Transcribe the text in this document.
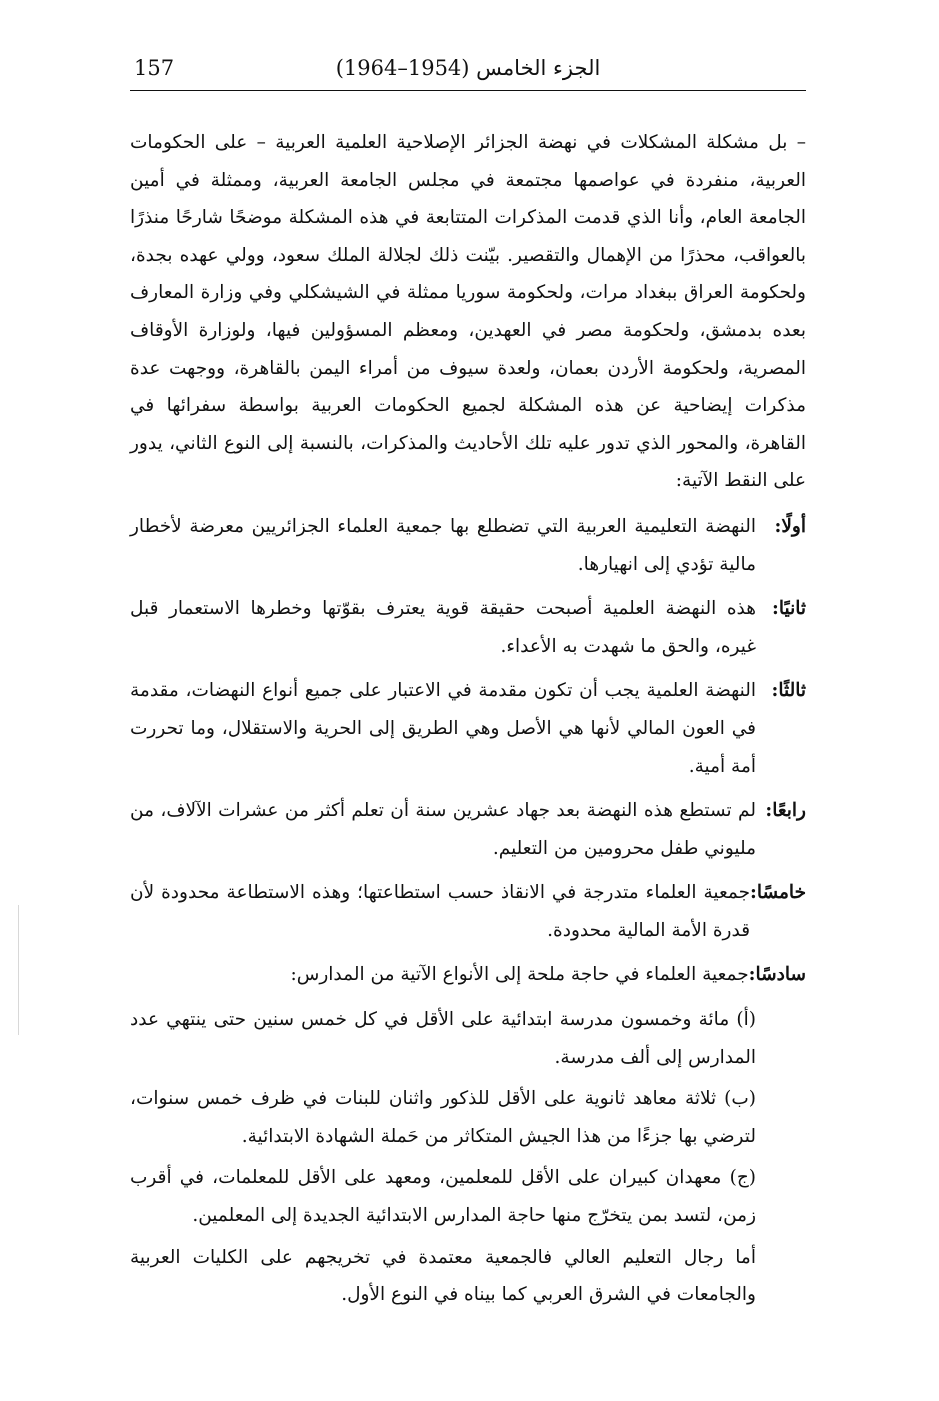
157	الجزء الخامس (1954–1964)

– بل مشكلة المشكلات في نهضة الجزائر الإصلاحية العلمية العربية – على الحكومات العربية، منفردة في عواصمها مجتمعة في مجلس الجامعة العربية، وممثلة في أمين الجامعة العام، وأنا الذي قدمت المذكرات المتتابعة في هذه المشكلة موضحًا شارحًا منذرًا بالعواقب، محذرًا من الإهمال والتقصير. بيّنت ذلك لجلالة الملك سعود، وولي عهده بجدة، ولحكومة العراق ببغداد مرات، ولحكومة سوريا ممثلة في الشيشكلي وفي وزارة المعارف بعده بدمشق، ولحكومة مصر في العهدين، ومعظم المسؤولين فيها، ولوزارة الأوقاف المصرية، ولحكومة الأردن بعمان، ولعدة سيوف من أمراء اليمن بالقاهرة، ووجهت عدة مذكرات إيضاحية عن هذه المشكلة لجميع الحكومات العربية بواسطة سفرائها في القاهرة، والمحور الذي تدور عليه تلك الأحاديث والمذكرات، بالنسبة إلى النوع الثاني، يدور على النقط الآتية:

أولًا:
النهضة التعليمية العربية التي تضطلع بها جمعية العلماء الجزائريين معرضة لأخطار مالية تؤدي إلى انهيارها.
ثانيًا:
هذه النهضة العلمية أصبحت حقيقة قوية يعترف بقوّتها وخطرها الاستعمار قبل غيره، والحق ما شهدت به الأعداء.
ثالثًا:
النهضة العلمية يجب أن تكون مقدمة في الاعتبار على جميع أنواع النهضات، مقدمة في العون المالي لأنها هي الأصل وهي الطريق إلى الحرية والاستقلال، وما تحررت أمة أمية.
رابعًا:
لم تستطع هذه النهضة بعد جهاد عشرين سنة أن تعلم أكثر من عشرات الآلاف، من مليوني طفل محرومين من التعليم.
خامسًا:
جمعية العلماء متدرجة في الانقاذ حسب استطاعتها؛ وهذه الاستطاعة محدودة لأن قدرة الأمة المالية محدودة.
سادسًا:
جمعية العلماء في حاجة ملحة إلى الأنواع الآتية من المدارس:

(أ) مائة وخمسون مدرسة ابتدائية على الأقل في كل خمس سنين حتى ينتهي عدد المدارس إلى ألف مدرسة.

(ب) ثلاثة معاهد ثانوية على الأقل للذكور واثنان للبنات في ظرف خمس سنوات، لترضي بها جزءًا من هذا الجيش المتكاثر من حَملة الشهادة الابتدائية.

(ج) معهدان كبيران على الأقل للمعلمين، ومعهد على الأقل للمعلمات، في أقرب زمن، لتسد بمن يتخرّج منها حاجة المدارس الابتدائية الجديدة إلى المعلمين.

أما رجال التعليم العالي فالجمعية معتمدة في تخريجهم على الكليات العربية والجامعات في الشرق العربي كما بيناه في النوع الأول.
